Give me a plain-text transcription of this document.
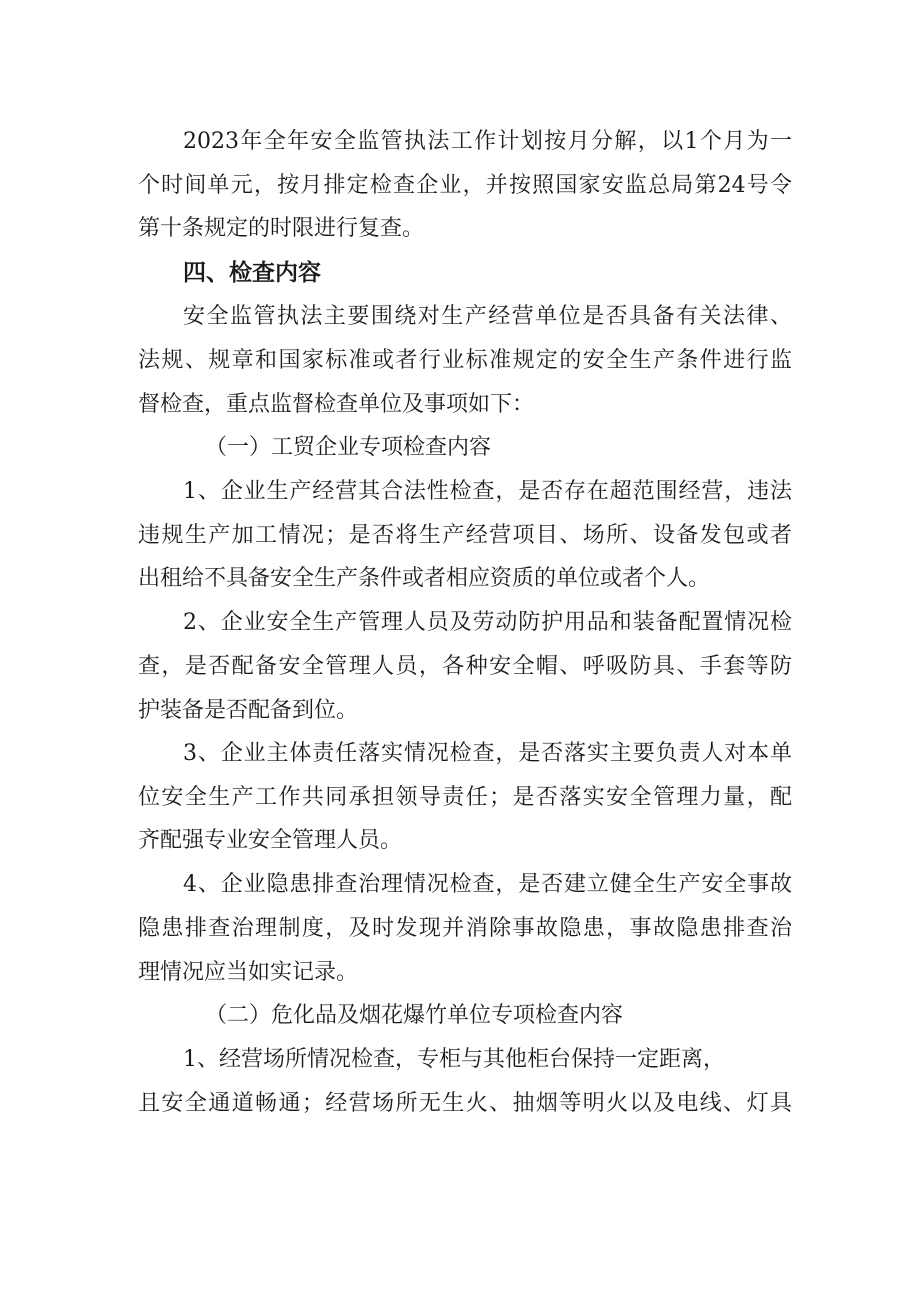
2023年全年安全监管执法工作计划按月分解，以1个月为一
个时间单元，按月排定检查企业，并按照国家安监总局第24号令
第十条规定的时限进行复查。
四、检查内容
安全监管执法主要围绕对生产经营单位是否具备有关法律、
法规、规章和国家标准或者行业标准规定的安全生产条件进行监
督检查，重点监督检查单位及事项如下：
（一）工贸企业专项检查内容
1、企业生产经营其合法性检查，是否存在超范围经营，违法
违规生产加工情况；是否将生产经营项目、场所、设备发包或者
出租给不具备安全生产条件或者相应资质的单位或者个人。
2、企业安全生产管理人员及劳动防护用品和装备配置情况检
查，是否配备安全管理人员，各种安全帽、呼吸防具、手套等防
护装备是否配备到位。
3、企业主体责任落实情况检查，是否落实主要负责人对本单
位安全生产工作共同承担领导责任；是否落实安全管理力量，配
齐配强专业安全管理人员。
4、企业隐患排查治理情况检查，是否建立健全生产安全事故
隐患排查治理制度，及时发现并消除事故隐患，事故隐患排查治
理情况应当如实记录。
（二）危化品及烟花爆竹单位专项检查内容
1、经营场所情况检查，专柜与其他柜台保持一定距离，
且安全通道畅通；经营场所无生火、抽烟等明火以及电线、灯具
